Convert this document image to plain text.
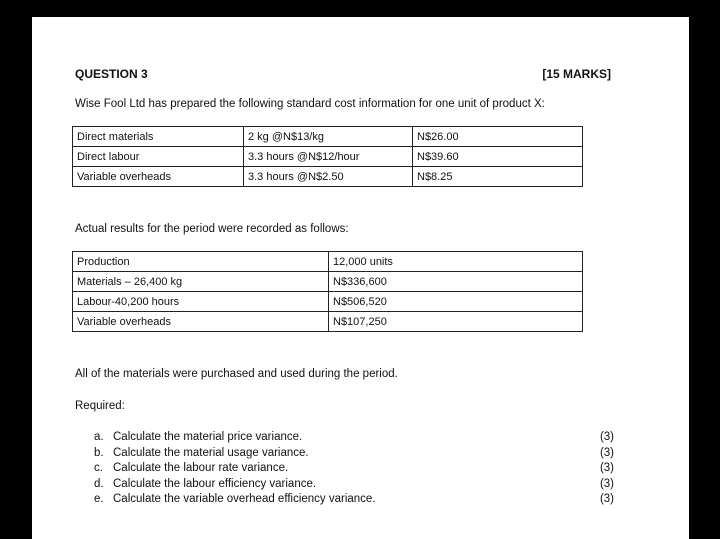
QUESTION 3	[15 MARKS]
Wise Fool Ltd has prepared the following standard cost information for one unit of product X:
Direct materials	2 kg @N$13/kg	N$26.00
Direct labour	3.3 hours @N$12/hour	N$39.60
Variable overheads	3.3 hours @N$2.50	N$8.25
Actual results for the period were recorded as follows:
Production	12,000 units
Materials – 26,400 kg	N$336,600
Labour-40,200 hours	N$506,520
Variable overheads	N$107,250
All of the materials were purchased and used during the period.
Required:
a. Calculate the material price variance.	(3)
b. Calculate the material usage variance.	(3)
c. Calculate the labour rate variance.	(3)
d. Calculate the labour efficiency variance.	(3)
e. Calculate the variable overhead efficiency variance.	(3)
